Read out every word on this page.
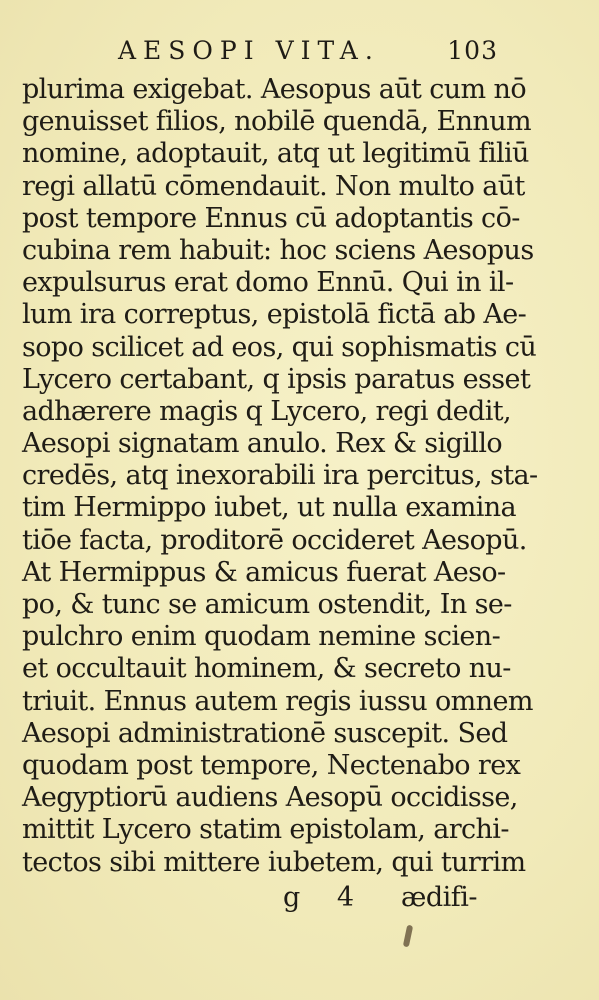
AESOPI VITA.	103
plurima exigebat. Aesopus aūt cum nō
genuisset filios, nobilē quendā, Ennum
nomine, adoptauit, atq ut legitimū filiū
regi allatū cōmendauit. Non multo aūt
post tempore Ennus cū adoptantis cō-
cubina rem habuit: hoc sciens Aesopus
expulsurus erat domo Ennū. Qui in il-
lum ira correptus, epistolā fictā ab Ae-
sopo scilicet ad eos, qui sophismatis cū
Lycero certabant, q ipsis paratus esset
adhærere magis q Lycero, regi dedit,
Aesopi signatam anulo. Rex & sigillo
credēs, atq inexorabili ira percitus, sta-
tim Hermippo iubet, ut nulla examina
tiōe facta, proditorē occideret Aesopū.
At Hermippus & amicus fuerat Aeso-
po, & tunc se amicum ostendit, In se-
pulchro enim quodam nemine scien-
et occultauit hominem, & secreto nu-
triuit. Ennus autem regis iussu omnem
Aesopi administrationē suscepit. Sed
quodam post tempore, Nectenabo rex
Aegyptiorū audiens Aesopū occidisse,
mittit Lycero statim epistolam, archi-
tectos sibi mittere iubetem, qui turrim
g 4 ædifi-
